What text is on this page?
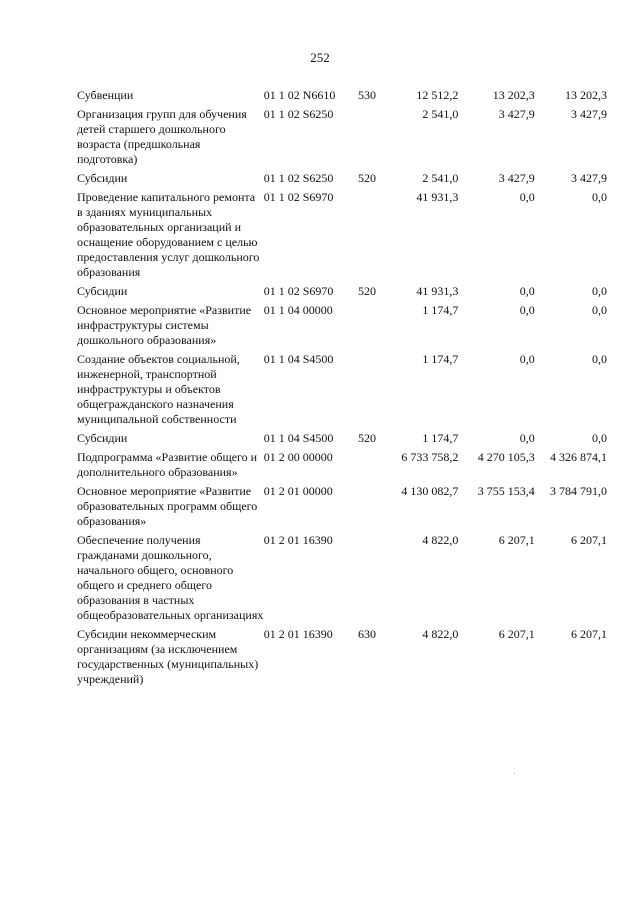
252
Субвенции	01 1 02 N6610	530	12 512,2	13 202,3	13 202,3
Организация групп для обучения детей старшего дошкольного возраста (предшкольная подготовка)	01 1 02 S6250		2 541,0	3 427,9	3 427,9
Субсидии	01 1 02 S6250	520	2 541,0	3 427,9	3 427,9
Проведение капитального ремонта в зданиях муниципальных образовательных организаций и оснащение оборудованием с целью предоставления услуг дошкольного образования	01 1 02 S6970		41 931,3	0,0	0,0
Субсидии	01 1 02 S6970	520	41 931,3	0,0	0,0
Основное мероприятие «Развитие инфраструктуры системы дошкольного образования»	01 1 04 00000		1 174,7	0,0	0,0
Создание объектов социальной, инженерной, транспортной инфраструктуры и объектов общегражданского назначения муниципальной собственности	01 1 04 S4500		1 174,7	0,0	0,0
Субсидии	01 1 04 S4500	520	1 174,7	0,0	0,0
Подпрограмма «Развитие общего и дополнительного образования»	01 2 00 00000		6 733 758,2	4 270 105,3	4 326 874,1
Основное мероприятие «Развитие образовательных программ общего образования»	01 2 01 00000		4 130 082,7	3 755 153,4	3 784 791,0
Обеспечение получения гражданами дошкольного, начального общего, основного общего и среднего общего образования в частных общеобразовательных организациях	01 2 01 16390		4 822,0	6 207,1	6 207,1
Субсидии некоммерческим организациям (за исключением государственных (муниципальных) учреждений)	01 2 01 16390	630	4 822,0	6 207,1	6 207,1
